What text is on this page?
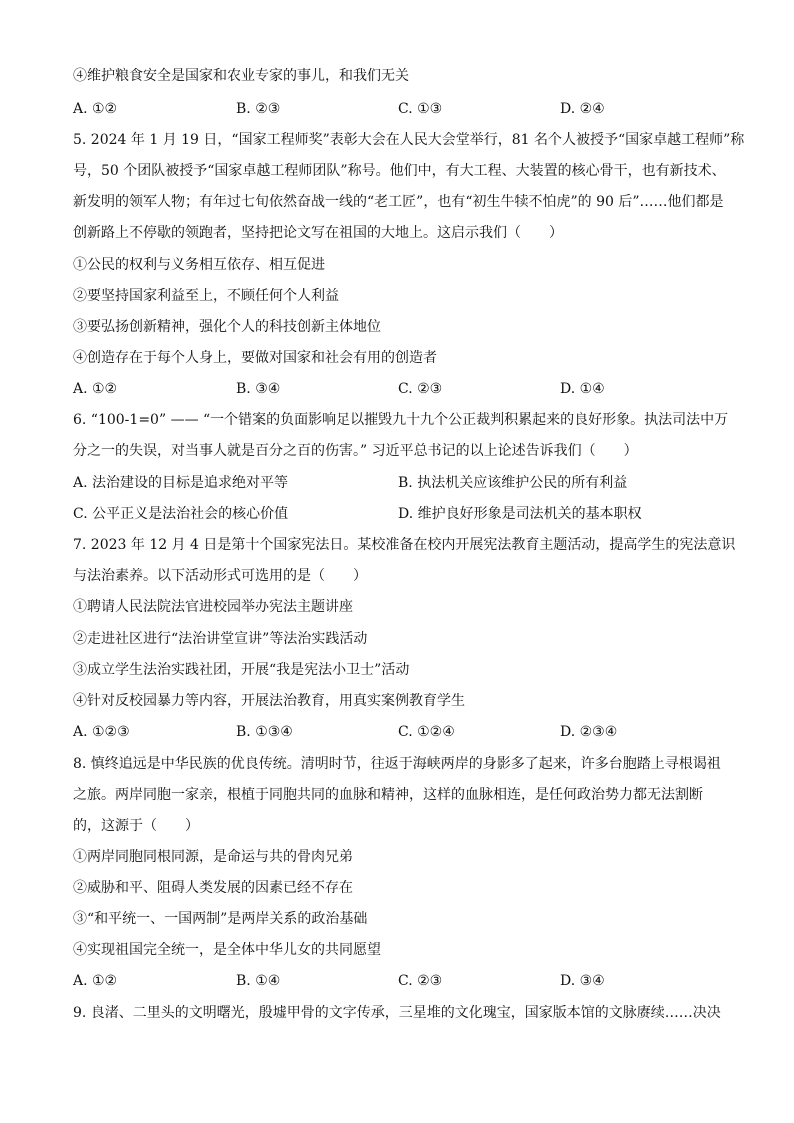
④维护粮食安全是国家和农业专家的事儿，和我们无关
A. ①②	B. ②③	C. ①③	D. ②④
5. 2024 年 1 月 19 日，“国家工程师奖”表彰大会在人民大会堂举行，81 名个人被授予“国家卓越工程师”称
号，50 个团队被授予“国家卓越工程师团队”称号。他们中，有大工程、大装置的核心骨干，也有新技术、
新发明的领军人物；有年过七旬依然奋战一线的“老工匠”，也有“初生牛犊不怕虎”的 90 后”……他们都是
创新路上不停歇的领跑者，坚持把论文写在祖国的大地上。这启示我们（　　）
①公民的权利与义务相互依存、相互促进
②要坚持国家利益至上，不顾任何个人利益
③要弘扬创新精神，强化个人的科技创新主体地位
④创造存在于每个人身上，要做对国家和社会有用的创造者
A. ①②	B. ③④	C. ②③	D. ①④
6. “100-1=0” —— “一个错案的负面影响足以摧毁九十九个公正裁判积累起来的良好形象。执法司法中万
分之一的失误，对当事人就是百分之百的伤害。” 习近平总书记的以上论述告诉我们（　　）
A. 法治建设的目标是追求绝对平等	B. 执法机关应该维护公民的所有利益
C. 公平正义是法治社会的核心价值	D. 维护良好形象是司法机关的基本职权
7. 2023 年 12 月 4 日是第十个国家宪法日。某校准备在校内开展宪法教育主题活动，提高学生的宪法意识
与法治素养。以下活动形式可选用的是（　　）
①聘请人民法院法官进校园举办宪法主题讲座
②走进社区进行“法治讲堂宣讲”等法治实践活动
③成立学生法治实践社团，开展“我是宪法小卫士”活动
④针对反校园暴力等内容，开展法治教育，用真实案例教育学生
A. ①②③	B. ①③④	C. ①②④	D. ②③④
8. 慎终追远是中华民族的优良传统。清明时节，往返于海峡两岸的身影多了起来，许多台胞踏上寻根谒祖
之旅。两岸同胞一家亲，根植于同胞共同的血脉和精神，这样的血脉相连，是任何政治势力都无法割断
的，这源于（　　）
①两岸同胞同根同源，是命运与共的骨肉兄弟
②威胁和平、阻碍人类发展的因素已经不存在
③“和平统一、一国两制”是两岸关系的政治基础
④实现祖国完全统一，是全体中华儿女的共同愿望
A. ①②	B. ①④	C. ②③	D. ③④
9. 良渚、二里头的文明曙光，殷墟甲骨的文字传承，三星堆的文化瑰宝，国家版本馆的文脉赓续……决决
